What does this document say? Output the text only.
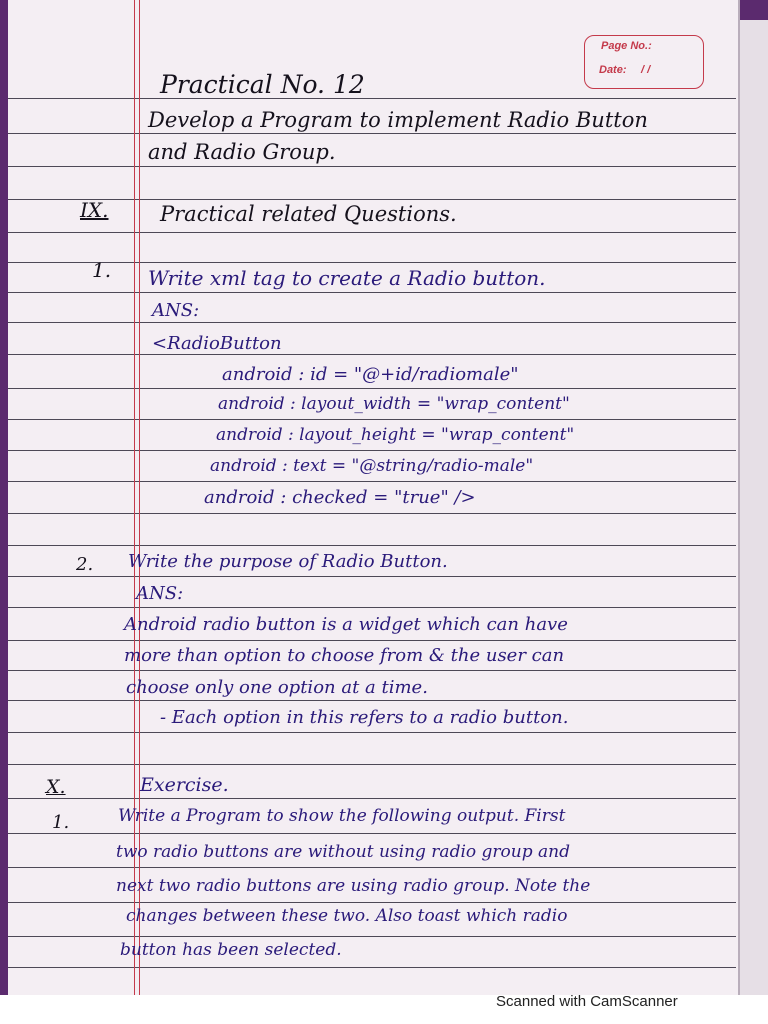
Page No.:
Date: / /
Practical No. 12
Develop a Program to implement Radio Button
and Radio Group.
IX. Practical related Questions.
1. Write xml tag to create a Radio button.
ANS:
<RadioButton
android : id = "@+id/radiomale"
android : layout_width = "wrap_content"
android : layout_height = "wrap_content"
android : text = "@string/radio-male"
android : checked = "true" />
2. Write the purpose of Radio Button.
ANS:
Android radio button is a widget which can have
more than option to choose from & the user can
choose only one option at a time.
- Each option in this refers to a radio button.
X.	Exercise.
1.	Write a Program to show the following output. First
two radio buttons are without using radio group and
next two radio buttons are using radio group. Note the
changes between these two. Also toast which radio
button has been selected.
Scanned with CamScanner
